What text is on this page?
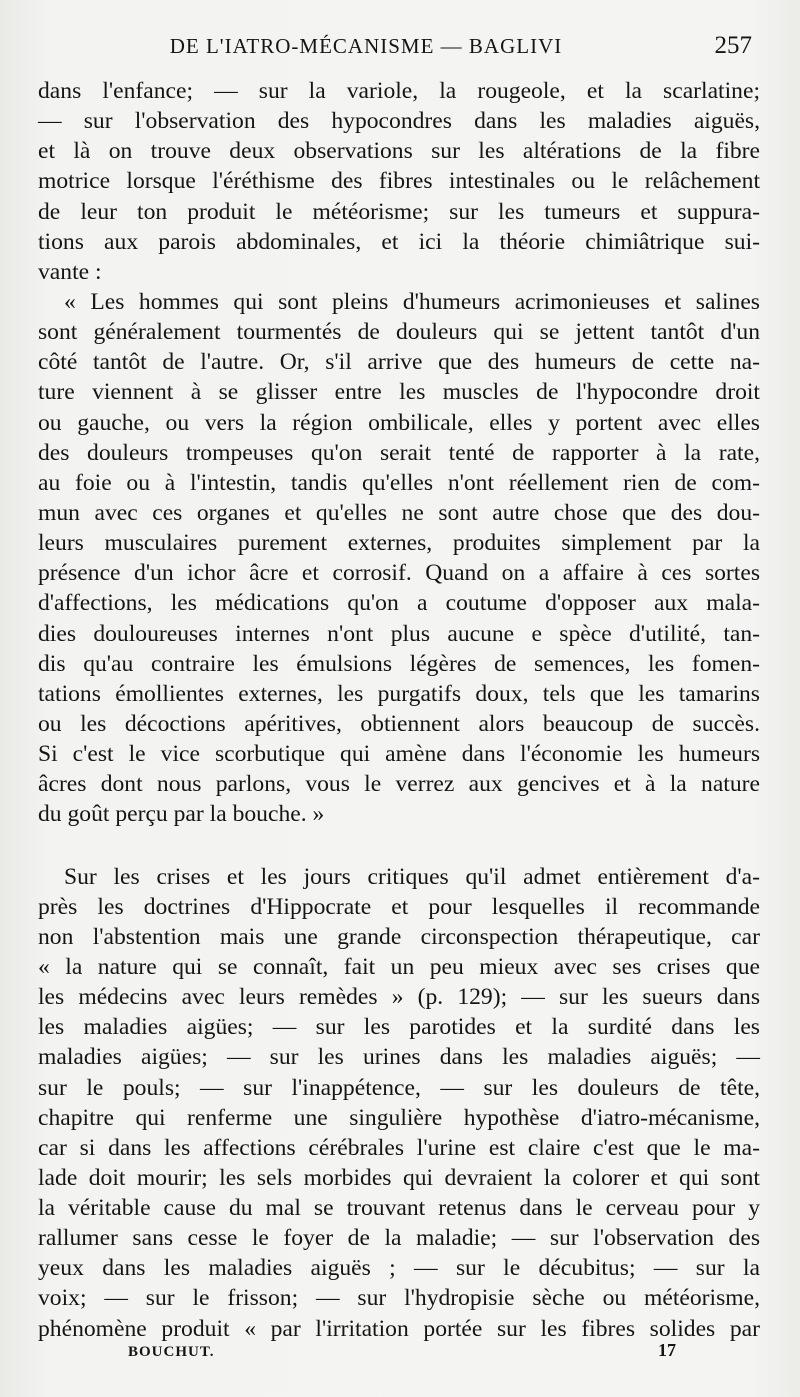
DE L'IATRO-MÉCANISME — BAGLIVI	257
dans l'enfance; — sur la variole, la rougeole, et la scarlatine;
— sur l'observation des hypocondres dans les maladies aiguës,
et là on trouve deux observations sur les altérations de la fibre
motrice lorsque l'éréthisme des fibres intestinales ou le relâchement
de leur ton produit le météorisme; sur les tumeurs et suppura-
tions aux parois abdominales, et ici la théorie chimiâtrique sui-
vante :
« Les hommes qui sont pleins d'humeurs acrimonieuses et salines
sont généralement tourmentés de douleurs qui se jettent tantôt d'un
côté tantôt de l'autre. Or, s'il arrive que des humeurs de cette na-
ture viennent à se glisser entre les muscles de l'hypocondre droit
ou gauche, ou vers la région ombilicale, elles y portent avec elles
des douleurs trompeuses qu'on serait tenté de rapporter à la rate,
au foie ou à l'intestin, tandis qu'elles n'ont réellement rien de com-
mun avec ces organes et qu'elles ne sont autre chose que des dou-
leurs musculaires purement externes, produites simplement par la
présence d'un ichor âcre et corrosif. Quand on a affaire à ces sortes
d'affections, les médications qu'on a coutume d'opposer aux mala-
dies douloureuses internes n'ont plus aucune e spèce d'utilité, tan-
dis qu'au contraire les émulsions légères de semences, les fomen-
tations émollientes externes, les purgatifs doux, tels que les tamarins
ou les décoctions apéritives, obtiennent alors beaucoup de succès.
Si c'est le vice scorbutique qui amène dans l'économie les humeurs
âcres dont nous parlons, vous le verrez aux gencives et à la nature
du goût perçu par la bouche. »
Sur les crises et les jours critiques qu'il admet entièrement d'a-
près les doctrines d'Hippocrate et pour lesquelles il recommande
non l'abstention mais une grande circonspection thérapeutique, car
« la nature qui se connaît, fait un peu mieux avec ses crises que
les médecins avec leurs remèdes » (p. 129); — sur les sueurs dans
les maladies aigües; — sur les parotides et la surdité dans les
maladies aigües; — sur les urines dans les maladies aiguës; —
sur le pouls; — sur l'inappétence, — sur les douleurs de tête,
chapitre qui renferme une singulière hypothèse d'iatro-mécanisme,
car si dans les affections cérébrales l'urine est claire c'est que le ma-
lade doit mourir; les sels morbides qui devraient la colorer et qui sont
la véritable cause du mal se trouvant retenus dans le cerveau pour y
rallumer sans cesse le foyer de la maladie; — sur l'observation des
yeux dans les maladies aiguës ; — sur le décubitus; — sur la
voix; — sur le frisson; — sur l'hydropisie sèche ou météorisme,
phénomène produit « par l'irritation portée sur les fibres solides par
BOUCHUT.	17
